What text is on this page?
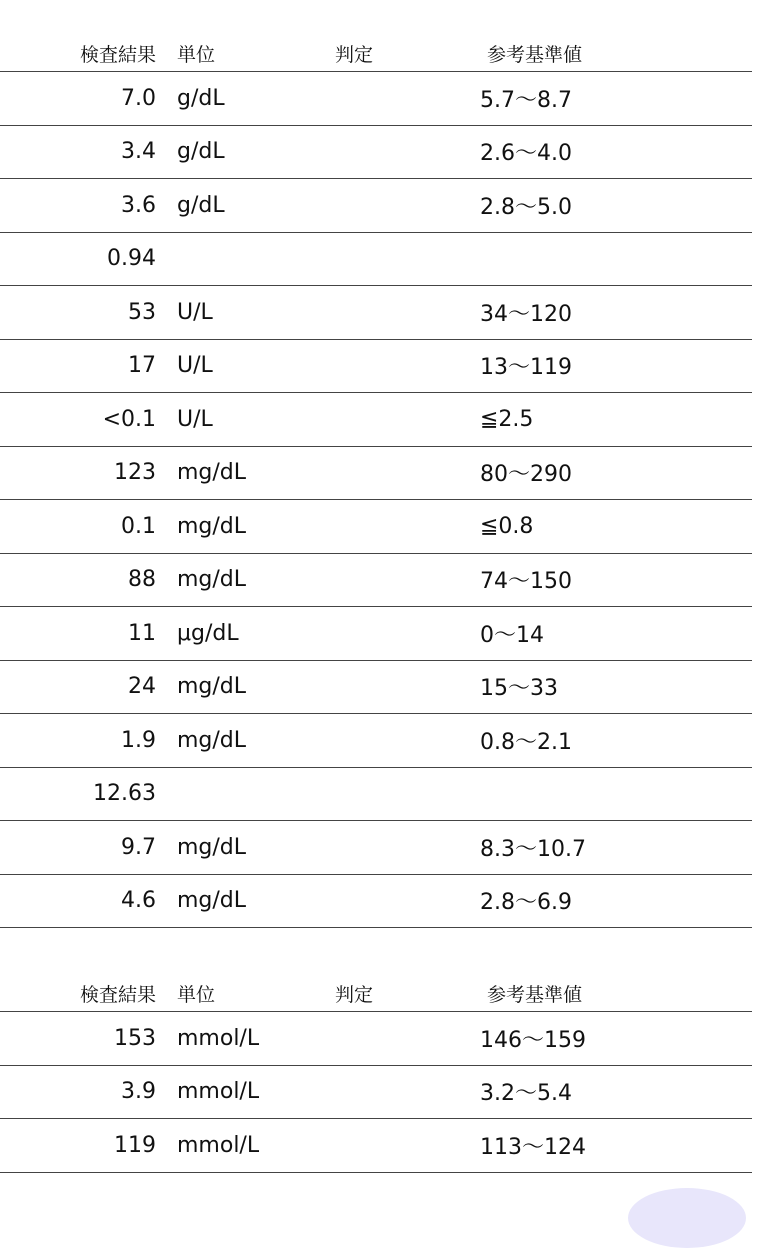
検査結果 単位	判定	参考基準値
7.0 g/dL	5.7〜8.7
3.4 g/dL	2.6〜4.0
3.6 g/dL	2.8〜5.0
0.94
53 U/L	34〜120
17 U/L	13〜119
<0.1 U/L	≦2.5
123 mg/dL	80〜290
0.1 mg/dL	≦0.8
88 mg/dL	74〜150
11 μg/dL	0〜14
24 mg/dL	15〜33
1.9 mg/dL	0.8〜2.1
12.63
9.7 mg/dL	8.3〜10.7
4.6 mg/dL	2.8〜6.9
検査結果 単位	判定	参考基準値
153 mmol/L	146〜159
3.9 mmol/L	3.2〜5.4
119 mmol/L	113〜124
